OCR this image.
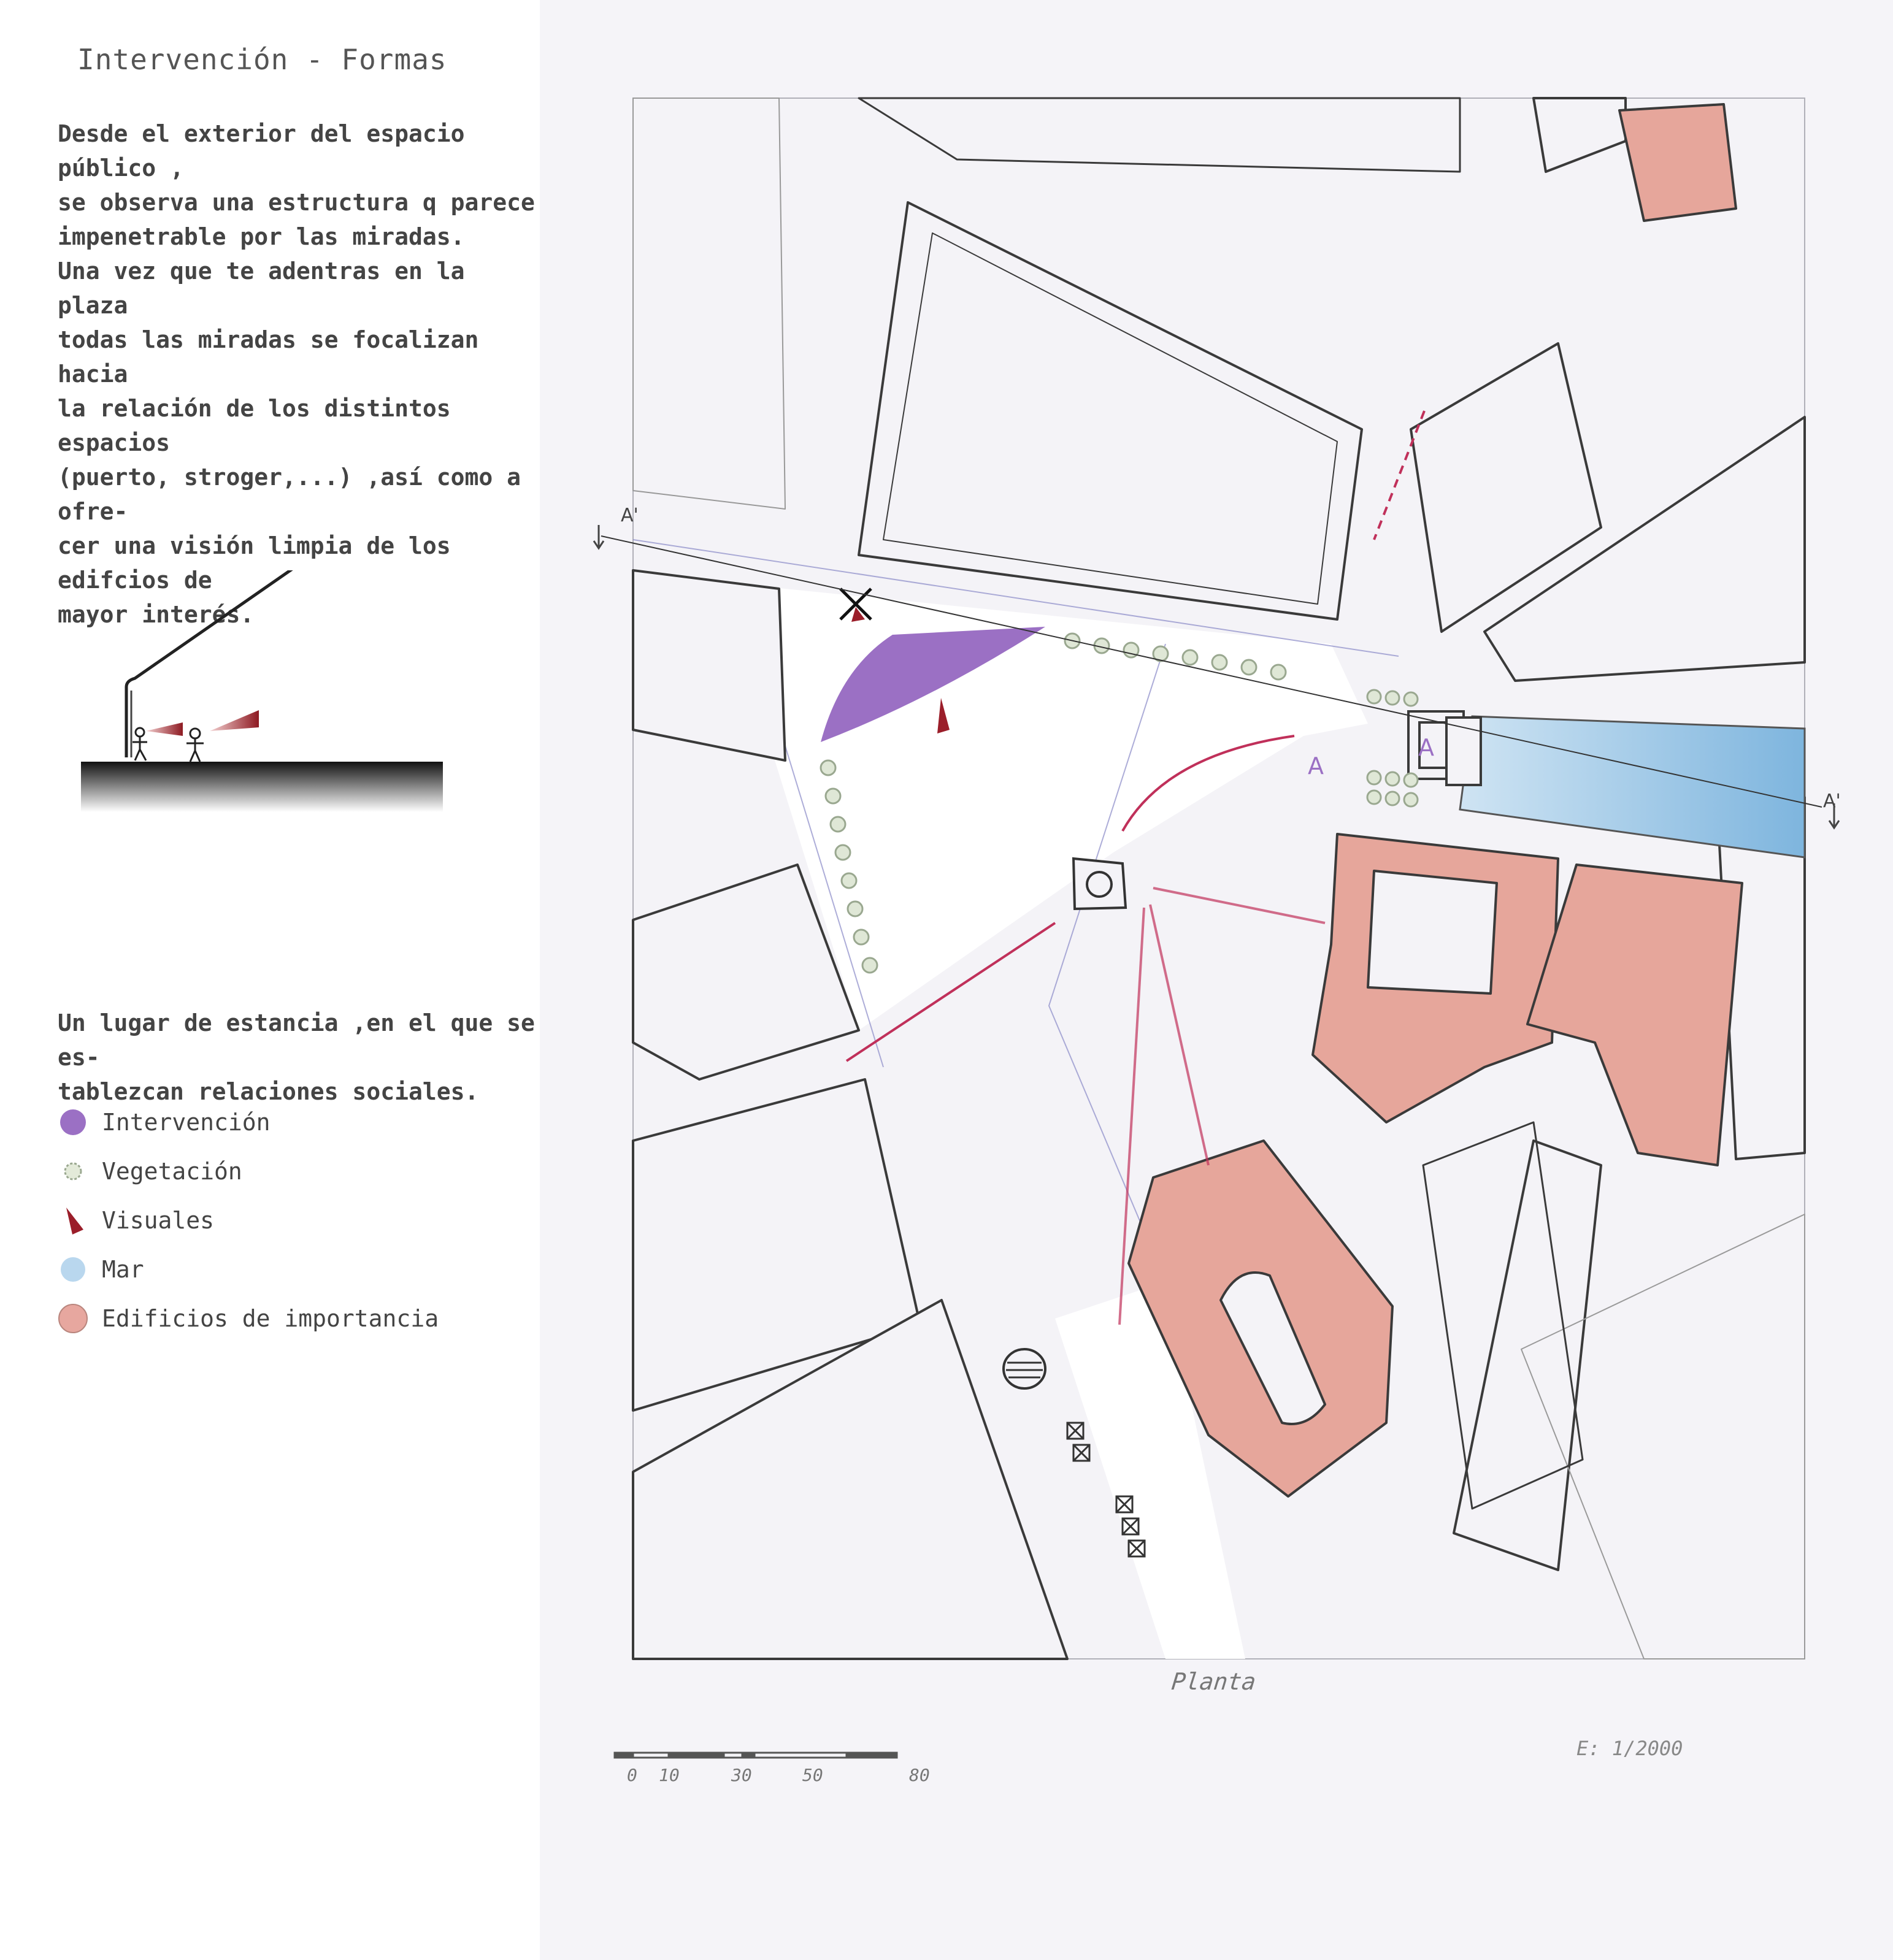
Intervención - Formas
Desde el exterior del espacio público ,
se observa una estructura q parece
impenetrable por las miradas.
Una vez que te adentras en la plaza
todas las miradas se focalizan hacia
la relación de los distintos espacios
(puerto, stroger,...) ,así como a ofre-
cer una visión limpia de los edifcios de
mayor interés.
Un lugar de estancia ,en el que se es-
tablezcan relaciones sociales.
Intervención
Vegetación
Visuales
Mar
Edificios de importancia
A'
A'
A
A
Planta
E: 1/2000
0 10	30	50	80
